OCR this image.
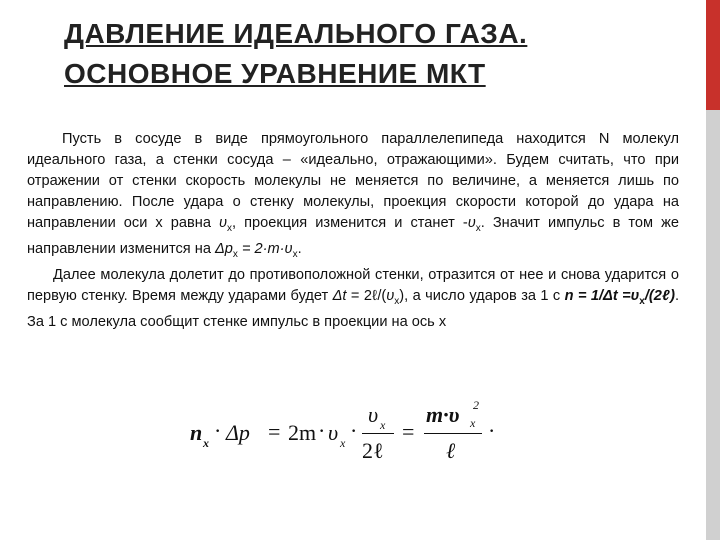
ДАВЛЕНИЕ ИДЕАЛЬНОГО ГАЗА.
ОСНОВНОЕ УРАВНЕНИЕ МКТ

Пусть в сосуде в виде прямоугольного параллелепипеда находится N молекул идеального газа, а стенки сосуда – «идеально, отражающими». Будем считать, что при отражении от стенки скорость молекулы не меняется по величине, а меняется лишь по направлению. После удара о стенку молекулы, проекция скорости которой до удара на направлении оси x равна $\upsilon_x$, проекция изменится и станет $-\upsilon_x$. Значит импульс в том же направлении изменится на $\Delta p_x = 2\cdot m\cdot\upsilon_x$.

Далее молекула долетит до противоположной стенки, отразится от нее и снова ударится о первую стенку. Время между ударами будет $\Delta t = 2\ell/(\upsilon_x)$, а число ударов за 1 с $n = 1/\Delta t =\upsilon_x/(2\ell)$. За 1 с молекула сообщит стенке импульс в проекции на ось x

n x · Δp = 2m · υ x ·
υ x
2ℓ
=
m·υ 2
x
ℓ
·
